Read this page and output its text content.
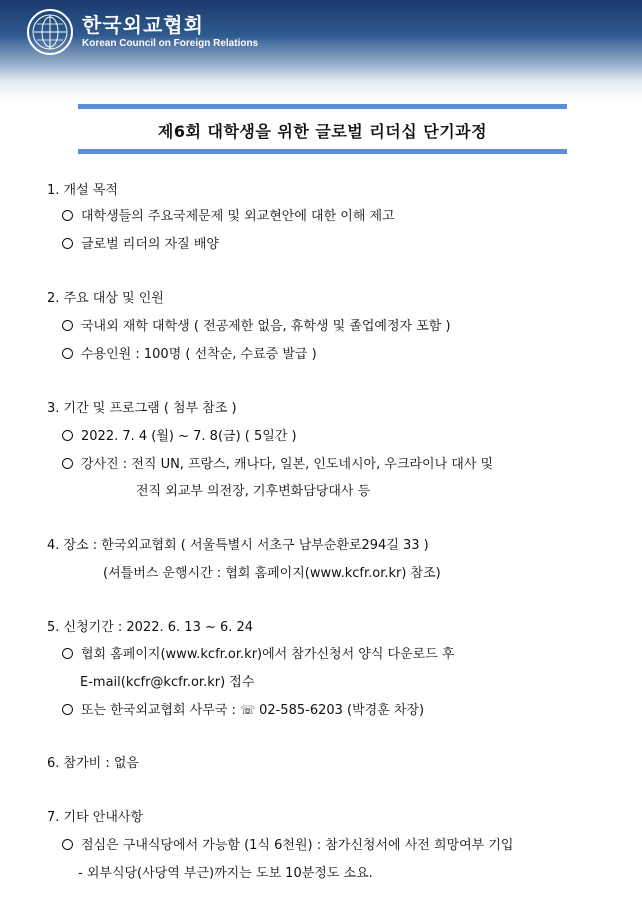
한국외교협회
Korean Council on Foreign Relations
제6회 대학생을 위한 글로벌 리더십 단기과정
1. 개설 목적
대학생들의 주요국제문제 및 외교현안에 대한 이해 제고
글로벌 리더의 자질 배양
2. 주요 대상 및 인원
국내외 재학 대학생 ( 전공제한 없음, 휴학생 및 졸업예정자 포함 )
수용인원 : 100명 ( 선착순, 수료증 발급 )
3. 기간 및 프로그램 ( 첨부 참조 )
2022. 7. 4 (월) ~ 7. 8(금) ( 5일간 )
강사진 : 전직 UN, 프랑스, 캐나다, 일본, 인도네시아, 우크라이나 대사 및
전직 외교부 의전장, 기후변화담당대사 등
4. 장소 : 한국외교협회 ( 서울특별시 서초구 남부순환로294길 33 )
(셔틀버스 운행시간 : 협회 홈페이지(www.kcfr.or.kr) 참조)
5. 신청기간 : 2022. 6. 13 ~ 6. 24
협회 홈페이지(www.kcfr.or.kr)에서 참가신청서 양식 다운로드 후
E-mail(kcfr@kcfr.or.kr) 접수
또는 한국외교협회 사무국 : ☏ 02-585-6203 (박경훈 차장)
6. 참가비 : 없음
7. 기타 안내사항
점심은 구내식당에서 가능함 (1식 6천원) : 참가신청서에 사전 희망여부 기입
- 외부식당(사당역 부근)까지는 도보 10분정도 소요.
